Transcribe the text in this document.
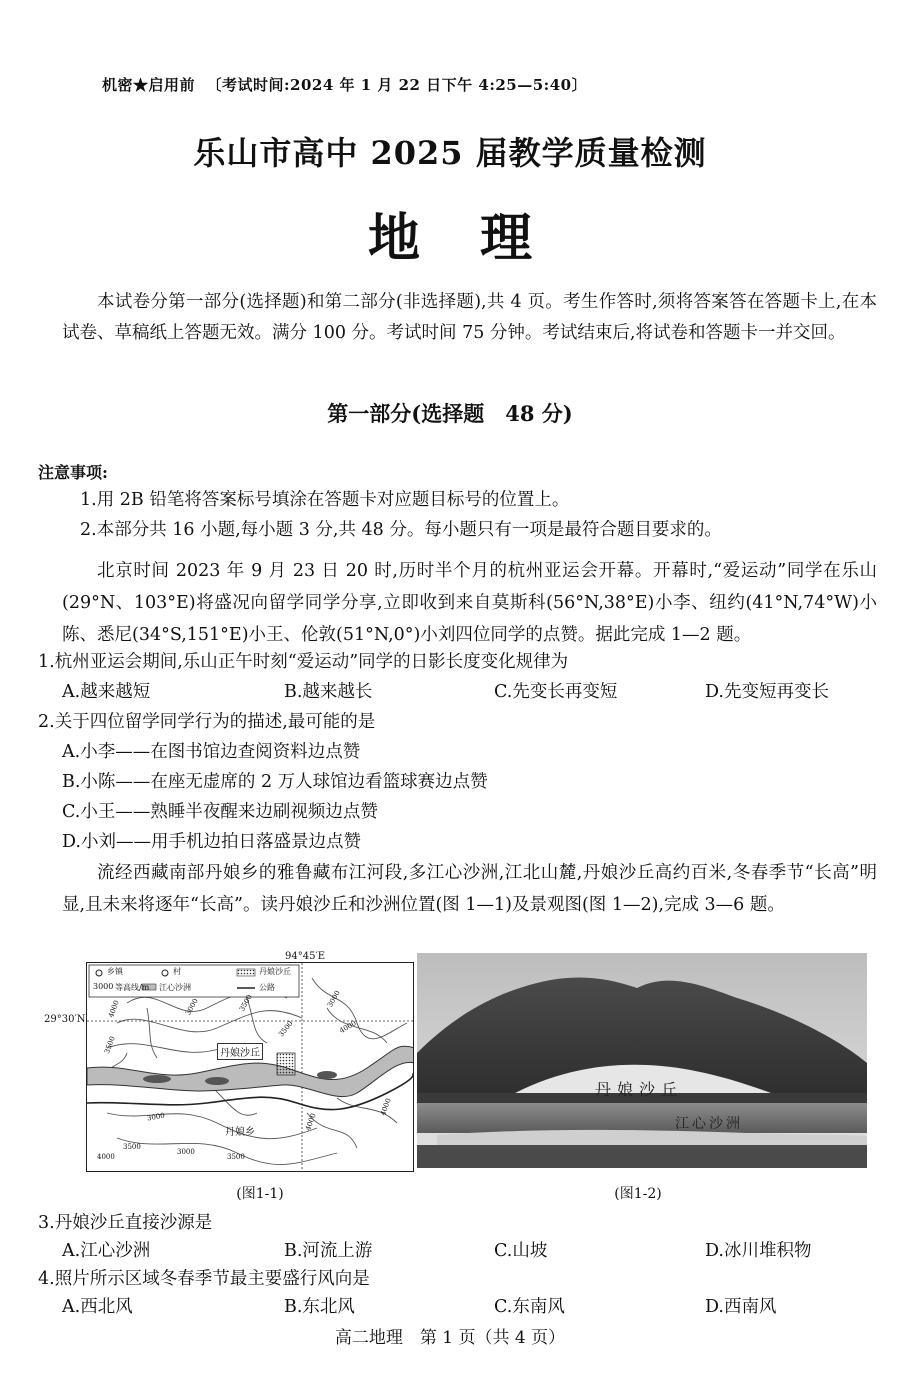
机密★启用前 〔考试时间:2024 年 1 月 22 日下午 4:25—5:40〕
乐山市高中 2025 届教学质量检测
地理
本试卷分第一部分(选择题)和第二部分(非选择题),共 4 页。考生作答时,须将答案答在答题卡上,在本试卷、草稿纸上答题无效。满分 100 分。考试时间 75 分钟。考试结束后,将试卷和答题卡一并交回。
第一部分(选择题　48 分)
注意事项:
1.用 2B 铅笔将答案标号填涂在答题卡对应题目标号的位置上。
2.本部分共 16 小题,每小题 3 分,共 48 分。每小题只有一项是最符合题目要求的。
北京时间 2023 年 9 月 23 日 20 时,历时半个月的杭州亚运会开幕。开幕时,“爱运动”同学在乐山(29°N、103°E)将盛况向留学同学分享,立即收到来自莫斯科(56°N,38°E)小李、纽约(41°N,74°W)小陈、悉尼(34°S,151°E)小王、伦敦(51°N,0°)小刘四位同学的点赞。据此完成 1—2 题。
1.杭州亚运会期间,乐山正午时刻“爱运动”同学的日影长度变化规律为
A.越来越短	B.越来越长	C.先变长再变短	D.先变短再变长
2.关于四位留学同学行为的描述,最可能的是
A.小李——在图书馆边查阅资料边点赞
B.小陈——在座无虚席的 2 万人球馆边看篮球赛边点赞
C.小王——熟睡半夜醒来边刷视频边点赞
D.小刘——用手机边拍日落盛景边点赞
流经西藏南部丹娘乡的雅鲁藏布江河段,多江心沙洲,江北山麓,丹娘沙丘高约百米,冬春季节“长高”明显,且未来将逐年“长高”。读丹娘沙丘和沙洲位置(图 1—1)及景观图(图 1—2),完成 3—6 题。
乡镇	村	丹娘沙丘
3000 等高线/m 江心沙洲	公路
丹娘沙丘
丹娘乡
3000	3500
3500
3000
4000
3500
4000
3000
3500
4000
3000
3500
4000
4000
94°45′E
29°30′N
丹娘沙丘
江心沙洲
(图1-1)	(图1-2)
3.丹娘沙丘直接沙源是
A.江心沙洲	B.河流上游	C.山坡	D.冰川堆积物
4.照片所示区域冬春季节最主要盛行风向是
A.西北风	B.东北风	C.东南风	D.西南风
高二地理　第 1 页（共 4 页）
